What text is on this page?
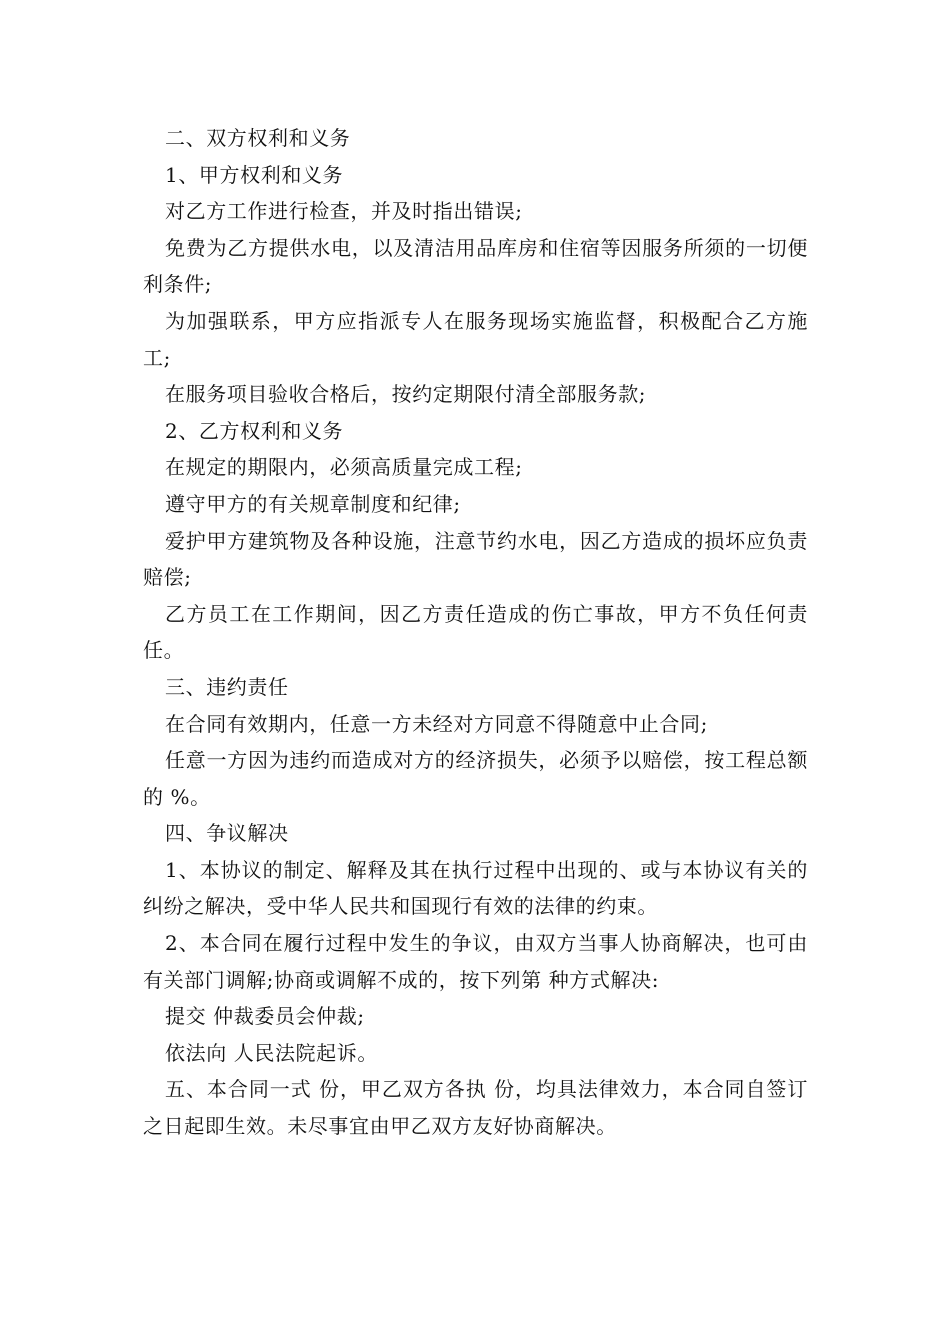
二、双方权利和义务

1、甲方权利和义务

对乙方工作进行检查，并及时指出错误;

免费为乙方提供水电，以及清洁用品库房和住宿等因服务所须的一切便利条件;

为加强联系，甲方应指派专人在服务现场实施监督，积极配合乙方施工;

在服务项目验收合格后，按约定期限付清全部服务款;

2、乙方权利和义务

在规定的期限内，必须高质量完成工程;

遵守甲方的有关规章制度和纪律;

爱护甲方建筑物及各种设施，注意节约水电，因乙方造成的损坏应负责赔偿;

乙方员工在工作期间，因乙方责任造成的伤亡事故，甲方不负任何责任。

三、违约责任

在合同有效期内，任意一方未经对方同意不得随意中止合同;

任意一方因为违约而造成对方的经济损失，必须予以赔偿，按工程总额的 %。

四、争议解决

1、本协议的制定、解释及其在执行过程中出现的、或与本协议有关的纠纷之解决，受中华人民共和国现行有效的法律的约束。

2、本合同在履行过程中发生的争议，由双方当事人协商解决，也可由有关部门调解;协商或调解不成的，按下列第 种方式解决:

提交 仲裁委员会仲裁;

依法向 人民法院起诉。

五、本合同一式 份，甲乙双方各执 份，均具法律效力，本合同自签订之日起即生效。未尽事宜由甲乙双方友好协商解决。
